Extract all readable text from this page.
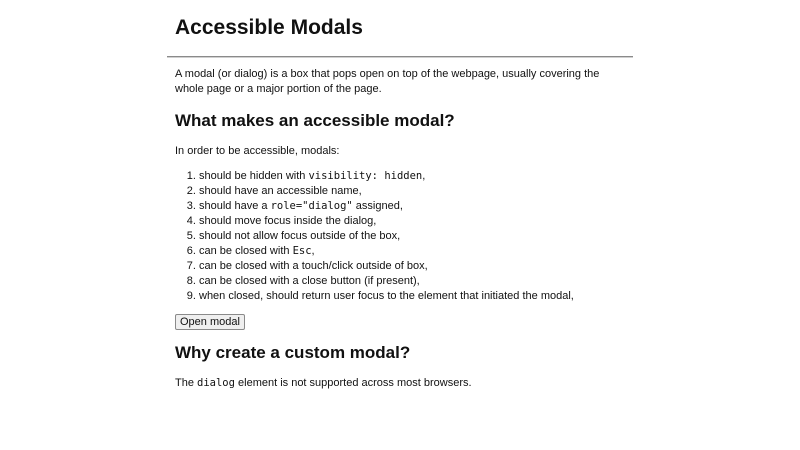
Accessible Modals

A modal (or dialog) is a box that pops open on top of the webpage, usually covering the whole page or a major portion of the page.

What makes an accessible modal?

In order to be accessible, modals:

1. should be hidden with visibility: hidden,
2. should have an accessible name,
3. should have a role="dialog" assigned,
4. should move focus inside the dialog,
5. should not allow focus outside of the box,
6. can be closed with Esc,
7. can be closed with a touch/click outside of box,
8. can be closed with a close button (if present),
9. when closed, should return user focus to the element that initiated the modal,
Open modal
Why create a custom modal?

The dialog element is not supported across most browsers.
